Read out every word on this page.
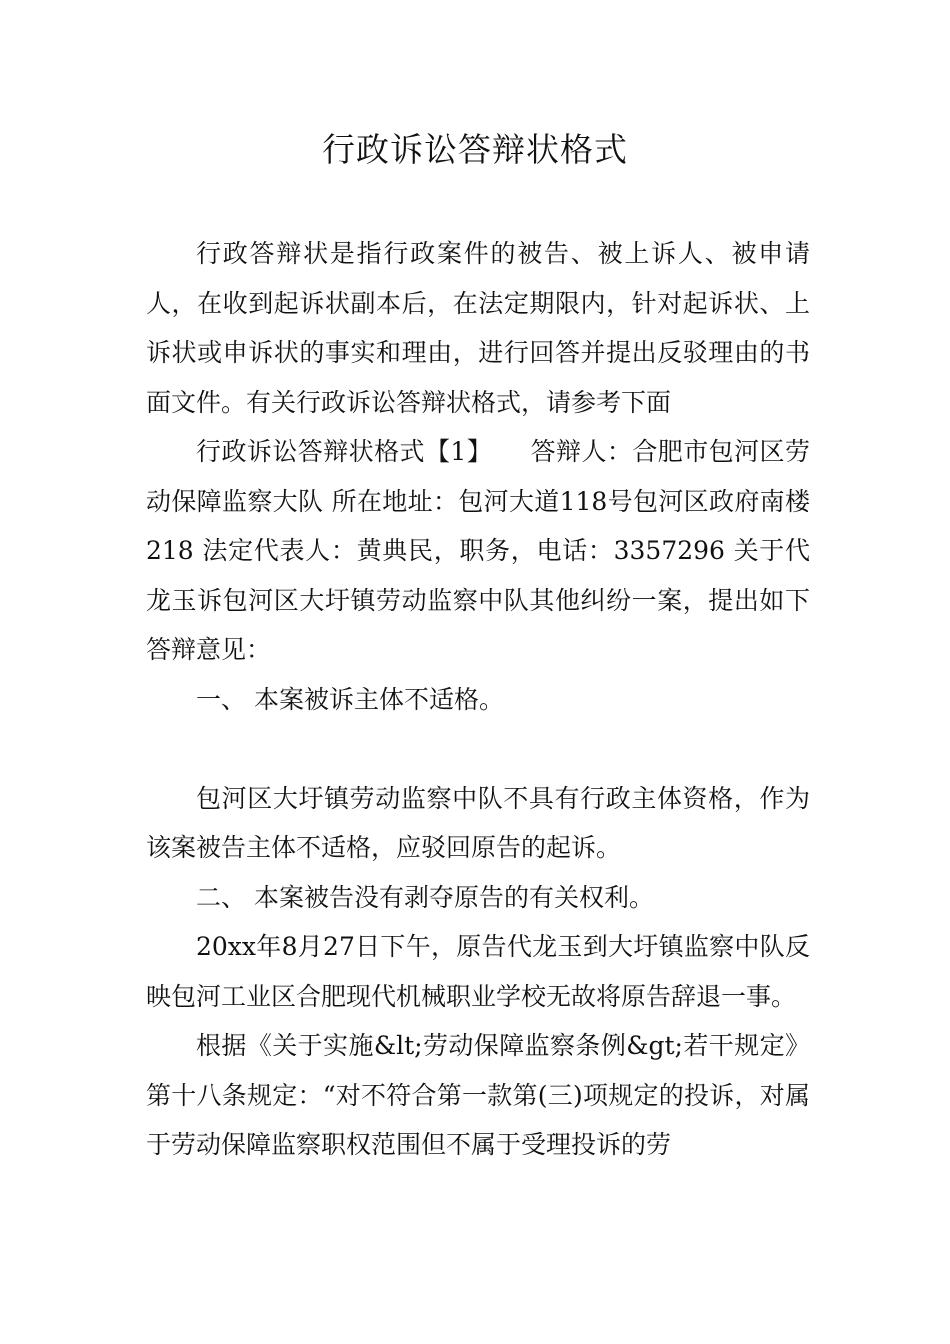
行政诉讼答辩状格式

行政答辩状是指行政案件的被告、被上诉人、被申请人，在收到起诉状副本后，在法定期限内，针对起诉状、上诉状或申诉状的事实和理由，进行回答并提出反驳理由的书面文件。有关行政诉讼答辩状格式，请参考下面

行政诉讼答辩状格式【1】　　答辩人：合肥市包河区劳动保障监察大队 所在地址：包河大道118号包河区政府南楼218 法定代表人：黄典民，职务，电话：3357296 关于代龙玉诉包河区大圩镇劳动监察中队其他纠纷一案，提出如下答辩意见：

一、 本案被诉主体不适格。

包河区大圩镇劳动监察中队不具有行政主体资格，作为该案被告主体不适格，应驳回原告的起诉。

二、 本案被告没有剥夺原告的有关权利。

20xx年8月27日下午，原告代龙玉到大圩镇监察中队反映包河工业区合肥现代机械职业学校无故将原告辞退一事。

根据《关于实施&lt;劳动保障监察条例&gt;若干规定》第十八条规定：“对不符合第一款第(三)项规定的投诉，对属于劳动保障监察职权范围但不属于受理投诉的劳
